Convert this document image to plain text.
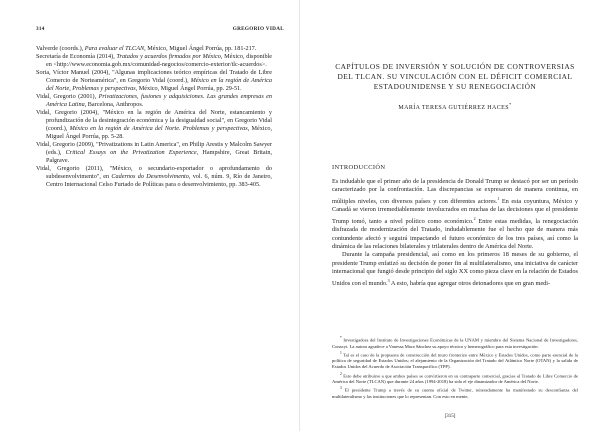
314	GREGORIO VIDAL

Valverde (coords.), Para evaluar el TLCAN, México, Miguel Ángel Porrúa, pp. 181-217.

Secretaría de Economía (2014), Tratados y acuerdos firmados por México, México, disponible en <http://www.economia.gob.mx/comunidad-negocios/comercio-exterior/tlc-acuerdos>.

Soria, Víctor Manuel (2004), "Algunas implicaciones teórico empíricas del Tratado de Libre Comercio de Norteamérica", en Gregorio Vidal (coord.), México en la región de América del Norte, Problemas y perspectivas, México, Miguel Ángel Porrúa, pp. 29-51.

Vidal, Gregorio (2001), Privatizaciones, fusiones y adquisiciones. Las grandes empresas en América Latina, Barcelona, Anthropos.

Vidal, Gregorio (2004), "México en la región de América del Norte, estancamiento y profundización de la desintegración económica y la desigualdad social", en Gregorio Vidal (coord.), México en la región de América del Norte. Problemas y perspectivas, México, Miguel Ángel Porrúa, pp. 5-28.

Vidal, Gregorio (2009), "Privatizations in Latin America", en Philip Arestis y Malcolm Sawyer (eds.), Critical Essays on the Privatization Experience, Hampshire, Great Britain, Palgrave.

Vidal, Gregorio (2011), "México, o secundario-exportador o aprofundamento do subdesenvolvimento", en Cadernos do Desenvolvimento, vol. 6, núm. 9, Río de Janeiro, Centro Internacional Celso Furtado de Políticas para o desenvolvimiento, pp. 383-405.

CAPÍTULOS DE INVERSIÓN Y SOLUCIÓN DE CONTROVERSIAS DEL TLCAN. SU VINCULACIÓN CON EL DÉFICIT COMERCIAL ESTADOUNIDENSE Y SU RENEGOCIACIÓN
MARÍA TERESA GUTIÉRREZ HACES*
INTRODUCCIÓN

Es indudable que el primer año de la presidencia de Donald Trump se destacó por ser un período caracterizado por la confrontación. Las discrepancias se expresaron de manera continua, en múltiples niveles, con diversos países y con diferentes actores.$^1$ En esta coyuntura, México y Canadá se vieron irremediablemente involucrados en muchas de las decisiones que el presidente Trump tomó, tanto a nivel político como económico.$^2$ Entre estas medidas, la renegociación disfrazada de modernización del Tratado, indudablemente fue el hecho que de manera más contundente afectó y seguirá impactando el futuro económico de los tres países, así como la dinámica de las relaciones bilaterales y trilaterales dentro de América del Norte.

Durante la campaña presidencial, así como en los primeros 18 meses de su gobierno, el presidente Trump enfatizó su decisión de poner fin al multilateralismo, una iniciativa de carácter internacional que fungió desde principio del siglo XX como pieza clave en la relación de Estados Unidos con el mundo.$^3$ A esto, habría que agregar otros detonadores que en gran medi-

* Investigadora del Instituto de Investigaciones Económicas de la UNAM y miembro del Sistema Nacional de Investigadores, Conacyt. La autora agradece a Vanessa Mora Sánchez su apoyo técnico y hemerográfico para esta investigación.

$^1$ Tal es el caso de la propuesta de construcción del muro fronterizo entre México y Estados Unidos, como parte esencial de la política de seguridad de Estados Unidos; el alejamiento de la Organización del Tratado del Atlántico Norte (OTAN) y la salida de Estados Unidos del Acuerdo de Asociación Transpacífico (TPP).

$^2$ Esto debe atribuirse a que ambos países se convirtieron en su contraparte comercial, gracias al Tratado de Libre Comercio de América del Norte (TLCAN) que durante 24 años (1994-2018) ha sido el eje dinamizador de América del Norte.

$^3$ El presidente Trump a través de su cuenta oficial de Twitter, reiteradamente ha manifestado su desconfianza del multilateralismo y las instituciones que lo representan. Con esto en mente,

[315]
